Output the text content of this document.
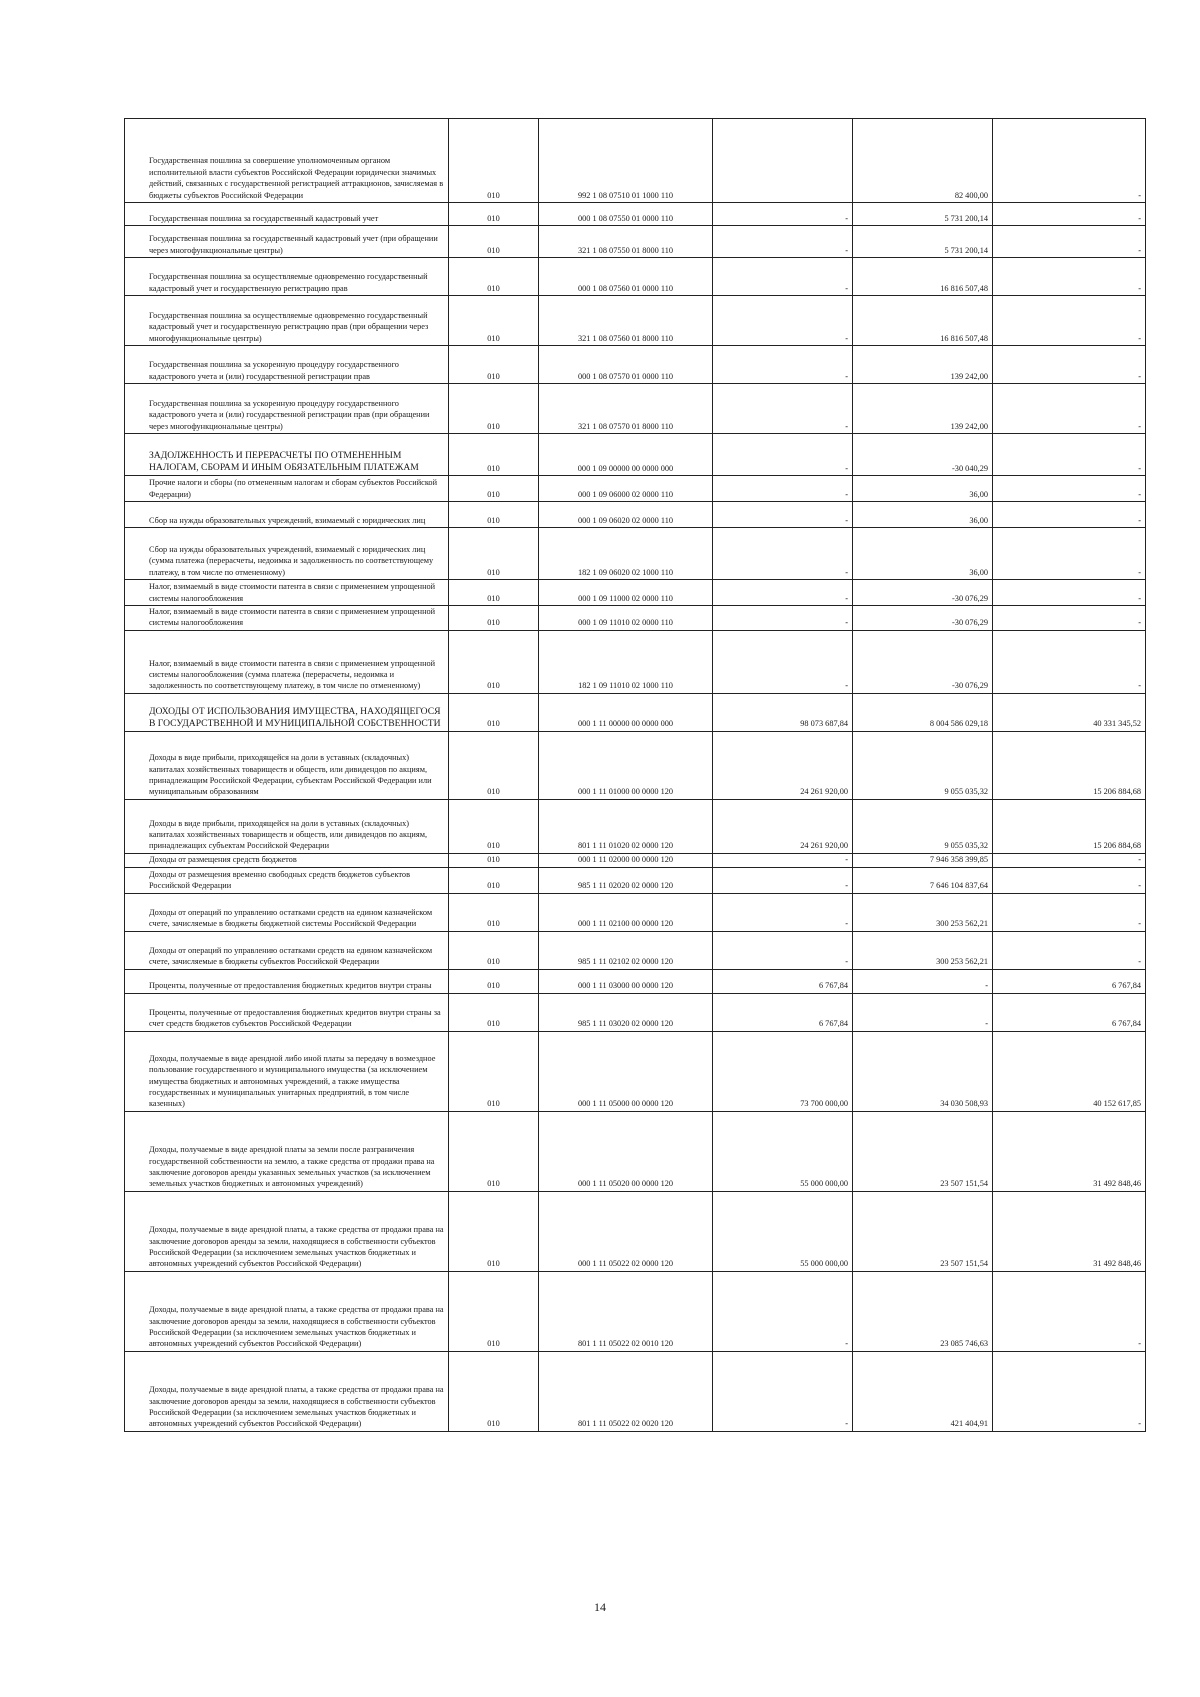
Государственная пошлина за совершение уполномоченным органом исполнительной власти субъектов Российской Федерации юридически значимых действий, связанных с государственной регистрацией аттракционов, зачисляемая в бюджеты субъектов Российской Федерации	010	992 1 08 07510 01 1000 110		82 400,00	-
Государственная пошлина за государственный кадастровый учет	010	000 1 08 07550 01 0000 110	-	5 731 200,14	-
Государственная пошлина за государственный кадастровый учет (при обращении через многофункциональные центры)	010	321 1 08 07550 01 8000 110	-	5 731 200,14	-
Государственная пошлина за осуществляемые одновременно государственный кадастровый учет и государственную регистрацию прав	010	000 1 08 07560 01 0000 110	-	16 816 507,48	-
Государственная пошлина за осуществляемые одновременно государственный кадастровый учет и государственную регистрацию прав (при обращении через многофункциональные центры)	010	321 1 08 07560 01 8000 110	-	16 816 507,48	-
Государственная пошлина за ускоренную процедуру государственного кадастрового учета и (или) государственной регистрации прав	010	000 1 08 07570 01 0000 110	-	139 242,00	-
Государственная пошлина за ускоренную процедуру государственного кадастрового учета и (или) государственной регистрации прав (при обращении через многофункциональные центры)	010	321 1 08 07570 01 8000 110	-	139 242,00	-
ЗАДОЛЖЕННОСТЬ И ПЕРЕРАСЧЕТЫ ПО ОТМЕНЕННЫМ НАЛОГАМ, СБОРАМ И ИНЫМ ОБЯЗАТЕЛЬНЫМ ПЛАТЕЖАМ	010	000 1 09 00000 00 0000 000	-	-30 040,29	-
Прочие налоги и сборы (по отмененным налогам и сборам субъектов Российской Федерации)	010	000 1 09 06000 02 0000 110	-	36,00	-
Сбор на нужды образовательных учреждений, взимаемый с юридических лиц	010	000 1 09 06020 02 0000 110	-	36,00	-
Сбор на нужды образовательных учреждений, взимаемый с юридических лиц (сумма платежа (перерасчеты, недоимка и задолженность по соответствующему платежу, в том числе по отмененному)	010	182 1 09 06020 02 1000 110	-	36,00	-
Налог, взимаемый в виде стоимости патента в связи с применением упрощенной системы налогообложения	010	000 1 09 11000 02 0000 110	-	-30 076,29	-
Налог, взимаемый в виде стоимости патента в связи с применением упрощенной системы налогообложения	010	000 1 09 11010 02 0000 110	-	-30 076,29	-
Налог, взимаемый в виде стоимости патента в связи с применением упрощенной системы налогообложения (сумма платежа (перерасчеты, недоимка и задолженность по соответствующему платежу, в том числе по отмененному)	010	182 1 09 11010 02 1000 110	-	-30 076,29	-
ДОХОДЫ ОТ ИСПОЛЬЗОВАНИЯ ИМУЩЕСТВА, НАХОДЯЩЕГОСЯ В ГОСУДАРСТВЕННОЙ И МУНИЦИПАЛЬНОЙ СОБСТВЕННОСТИ	010	000 1 11 00000 00 0000 000	98 073 687,84	8 004 586 029,18	40 331 345,52
Доходы в виде прибыли, приходящейся на доли в уставных (складочных) капиталах хозяйственных товариществ и обществ, или дивидендов по акциям, принадлежащим Российской Федерации, субъектам Российской Федерации или муниципальным образованиям	010	000 1 11 01000 00 0000 120	24 261 920,00	9 055 035,32	15 206 884,68
Доходы в виде прибыли, приходящейся на доли в уставных (складочных) капиталах хозяйственных товариществ и обществ, или дивидендов по акциям, принадлежащих субъектам Российской Федерации	010	801 1 11 01020 02 0000 120	24 261 920,00	9 055 035,32	15 206 884,68
Доходы от размещения средств бюджетов	010	000 1 11 02000 00 0000 120	-	7 946 358 399,85	-
Доходы от размещения временно свободных средств бюджетов субъектов Российской Федерации	010	985 1 11 02020 02 0000 120	-	7 646 104 837,64	-
Доходы от операций по управлению остатками средств на едином казначейском счете, зачисляемые в бюджеты бюджетной системы Российской Федерации	010	000 1 11 02100 00 0000 120	-	300 253 562,21	-
Доходы от операций по управлению остатками средств на едином казначейском счете, зачисляемые в бюджеты субъектов Российской Федерации	010	985 1 11 02102 02 0000 120	-	300 253 562,21	-
Проценты, полученные от предоставления бюджетных кредитов внутри страны	010	000 1 11 03000 00 0000 120	6 767,84	-	6 767,84
Проценты, полученные от предоставления бюджетных кредитов внутри страны за счет средств бюджетов субъектов Российской Федерации	010	985 1 11 03020 02 0000 120	6 767,84	-	6 767,84
Доходы, получаемые в виде арендной либо иной платы за передачу в возмездное пользование государственного и муниципального имущества (за исключением имущества бюджетных и автономных учреждений, а также имущества государственных и муниципальных унитарных предприятий, в том числе казенных)	010	000 1 11 05000 00 0000 120	73 700 000,00	34 030 508,93	40 152 617,85
Доходы, получаемые в виде арендной платы за земли после разграничения государственной собственности на землю, а также средства от продажи права на заключение договоров аренды указанных земельных участков (за исключением земельных участков бюджетных и автономных учреждений)	010	000 1 11 05020 00 0000 120	55 000 000,00	23 507 151,54	31 492 848,46
Доходы, получаемые в виде арендной платы, а также средства от продажи права на заключение договоров аренды за земли, находящиеся в собственности субъектов Российской Федерации (за исключением земельных участков бюджетных и автономных учреждений субъектов Российской Федерации)	010	000 1 11 05022 02 0000 120	55 000 000,00	23 507 151,54	31 492 848,46
Доходы, получаемые в виде арендной платы, а также средства от продажи права на заключение договоров аренды за земли, находящиеся в собственности субъектов Российской Федерации (за исключением земельных участков бюджетных и автономных учреждений субъектов Российской Федерации)	010	801 1 11 05022 02 0010 120	-	23 085 746,63	-
Доходы, получаемые в виде арендной платы, а также средства от продажи права на заключение договоров аренды за земли, находящиеся в собственности субъектов Российской Федерации (за исключением земельных участков бюджетных и автономных учреждений субъектов Российской Федерации)	010	801 1 11 05022 02 0020 120	-	421 404,91	-
14
